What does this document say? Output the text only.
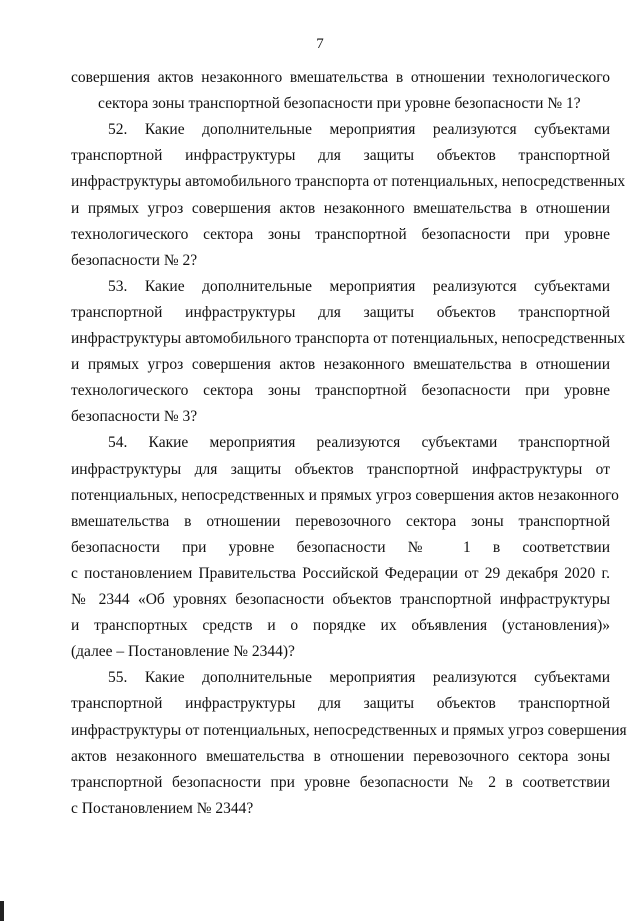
7
совершения актов незаконного вмешательства в отношении технологического
сектора зоны транспортной безопасности при уровне безопасности № 1?
52. Какие дополнительные мероприятия реализуются субъектами
транспортной инфраструктуры для защиты объектов транспортной
инфраструктуры автомобильного транспорта от потенциальных, непосредственных
и прямых угроз совершения актов незаконного вмешательства в отношении
технологического сектора зоны транспортной безопасности при уровне
безопасности № 2?
53. Какие дополнительные мероприятия реализуются субъектами
транспортной инфраструктуры для защиты объектов транспортной
инфраструктуры автомобильного транспорта от потенциальных, непосредственных
и прямых угроз совершения актов незаконного вмешательства в отношении
технологического сектора зоны транспортной безопасности при уровне
безопасности № 3?
54. Какие мероприятия реализуются субъектами транспортной
инфраструктуры для защиты объектов транспортной инфраструктуры от
потенциальных, непосредственных и прямых угроз совершения актов незаконного
вмешательства в отношении перевозочного сектора зоны транспортной
безопасности при уровне безопасности № 1 в соответствии
с постановлением Правительства Российской Федерации от 29 декабря 2020 г.
№ 2344 «Об уровнях безопасности объектов транспортной инфраструктуры
и транспортных средств и о порядке их объявления (установления)»
(далее – Постановление № 2344)?
55. Какие дополнительные мероприятия реализуются субъектами
транспортной инфраструктуры для защиты объектов транспортной
инфраструктуры от потенциальных, непосредственных и прямых угроз совершения
актов незаконного вмешательства в отношении перевозочного сектора зоны
транспортной безопасности при уровне безопасности № 2 в соответствии
с Постановлением № 2344?
